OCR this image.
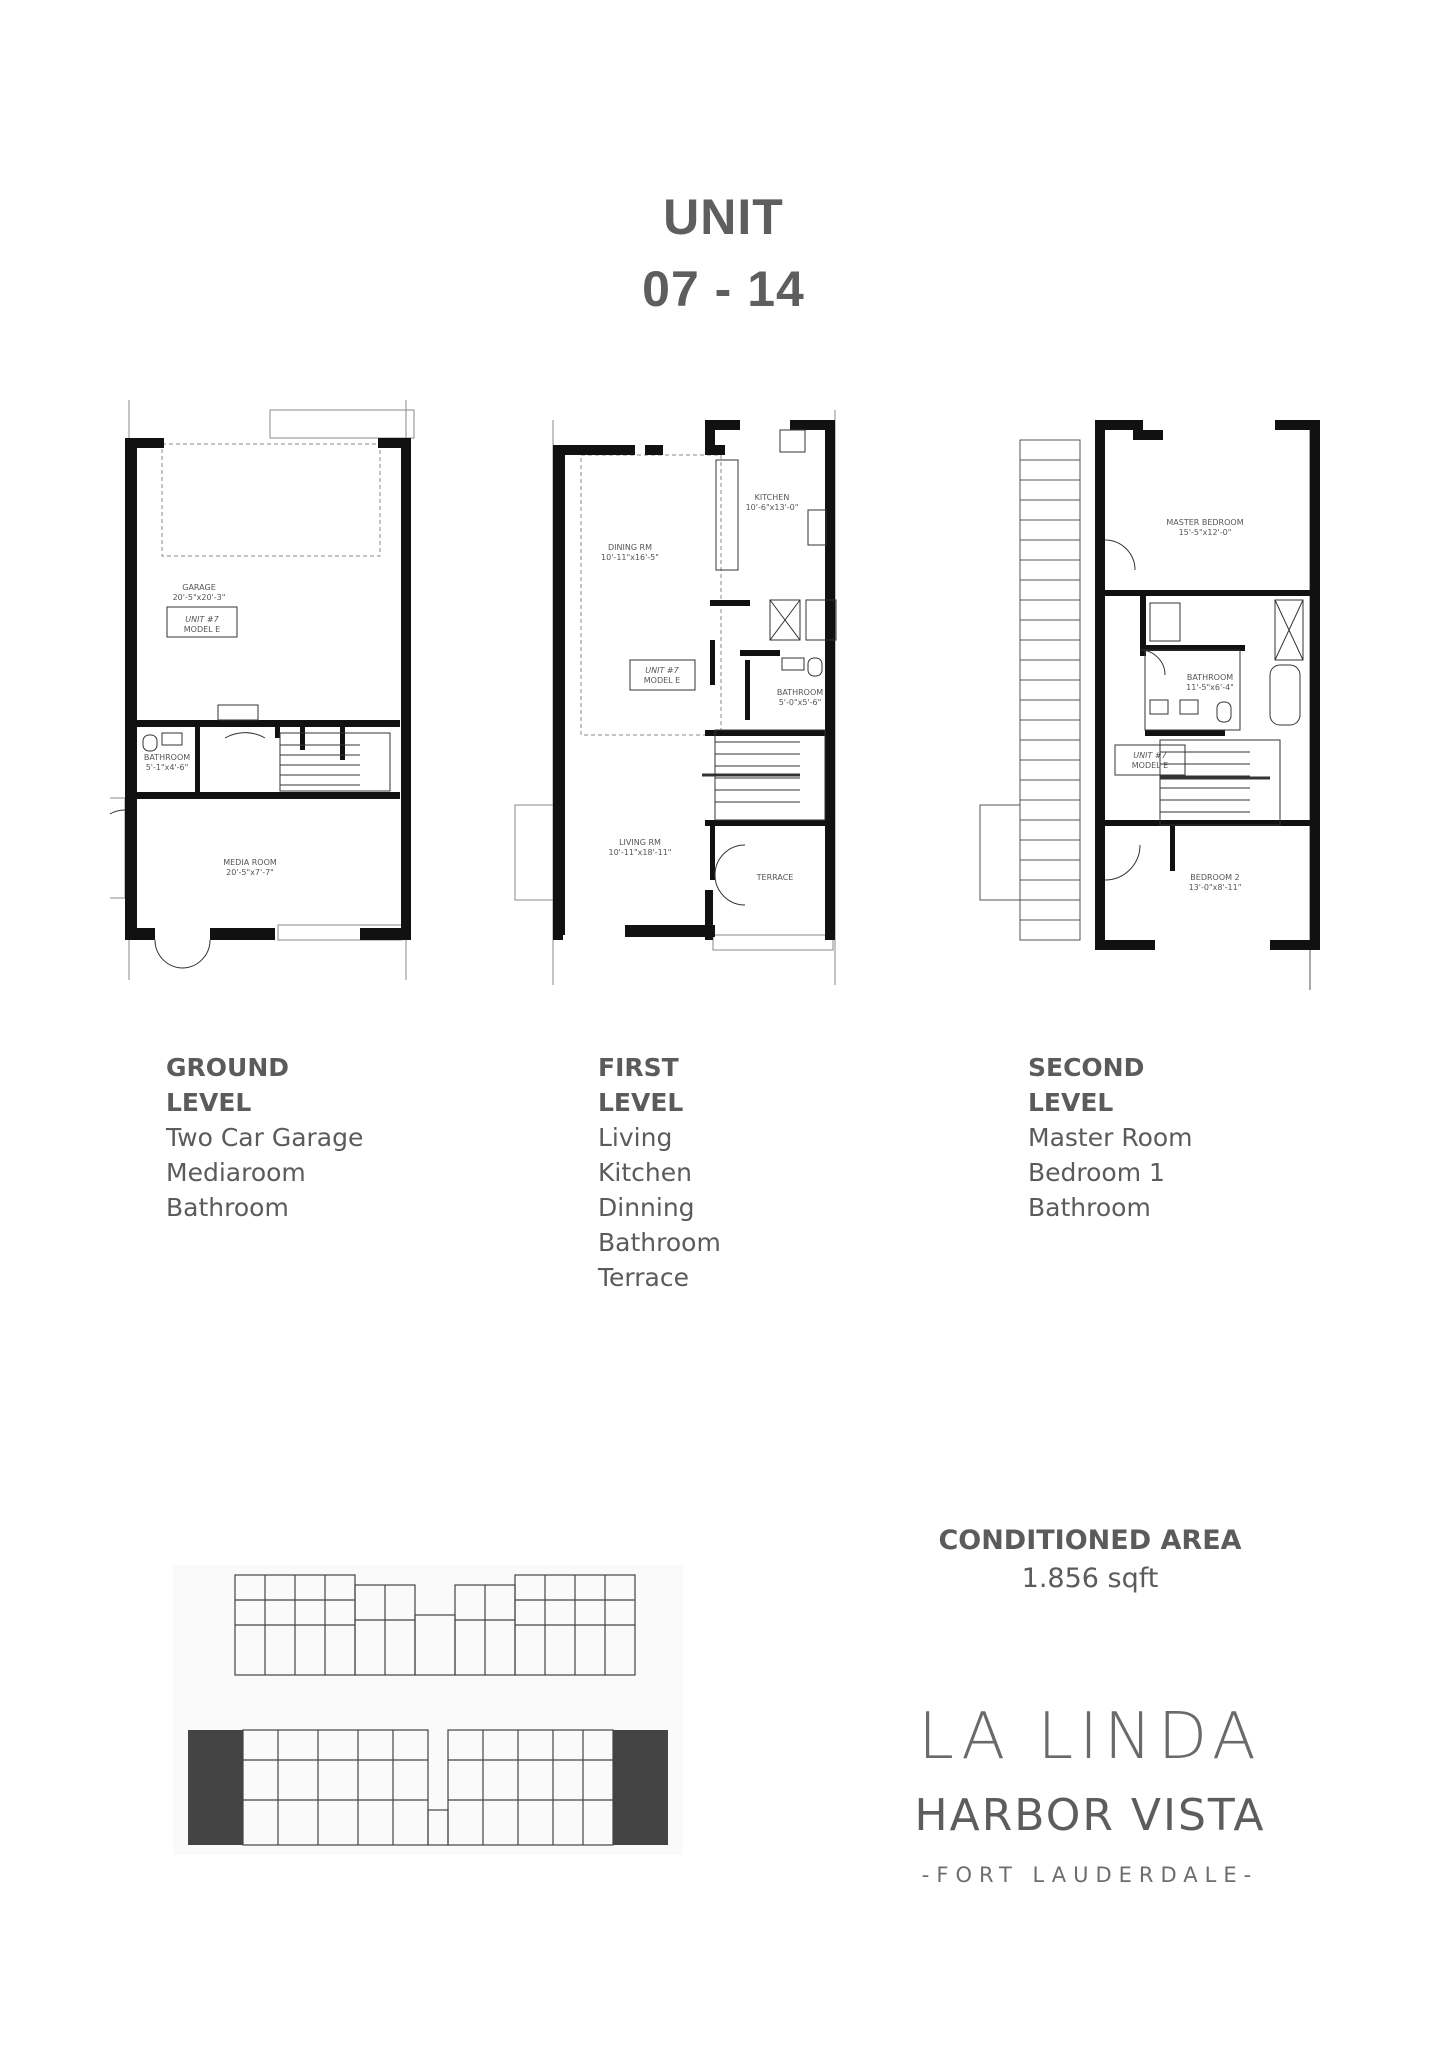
UNIT
07 - 14
GARAGE
20'-5"x20'-3"
UNIT #7
MODEL E
BATHROOM
5'-1"x4'-6"
MEDIA ROOM
20'-5"x7'-7"
KITCHEN
10'-6"x13'-0"
DINING RM
10'-11"x16'-5"
UNIT #7
MODEL E
BATHROOM
5'-0"x5'-6"
LIVING RM
10'-11"x18'-11"
TERRACE
MASTER BEDROOM
15'-5"x12'-0"
BATHROOM
11'-5"x6'-4"
UNIT #7
MODEL E
BEDROOM 2
13'-0"x8'-11"
GROUND
LEVEL
Two Car Garage
Mediaroom
Bathroom
FIRST
LEVEL
Living
Kitchen
Dinning
Bathroom
Terrace
SECOND
LEVEL
Master Room
Bedroom 1
Bathroom
CONDITIONED AREA
1.856 sqft
LA LINDA
HARBOR VISTA
-FORT LAUDERDALE-
